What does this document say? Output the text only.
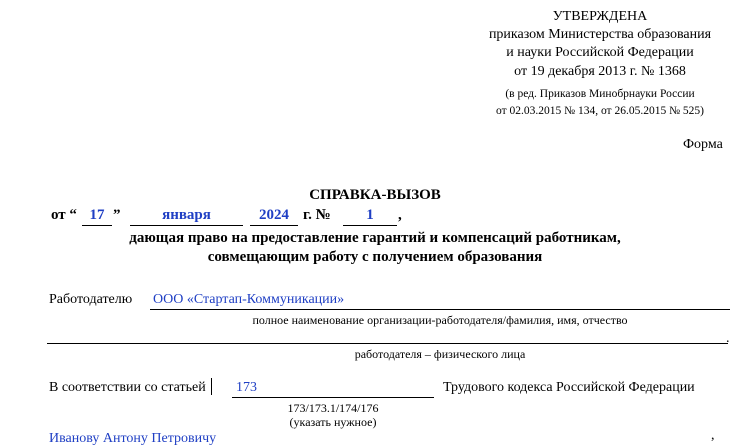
УТВЕРЖДЕНА
приказом Министерства образования
и науки Российской Федерации
от 19 декабря 2013 г. № 1368
(в ред. Приказов Минобрнауки России
от 02.03.2015 № 134, от 26.05.2015 № 525)
Форма
СПРАВКА-ВЫЗОВ
от “ 17 ”	января	2024 г. №	1	,
дающая право на предоставление гарантий и компенсаций работникам,
совмещающим работу с получением образования
Работодателю ООО «Стартап-Коммуникации»
полное наименование организации-работодателя/фамилия, имя, отчество
.
работодателя – физического лица
В соответствии со статьей 173	Трудового кодекса Российской Федерации
173/173.1/174/176
(указать нужное)
Иванову Антону Петровичу	,
